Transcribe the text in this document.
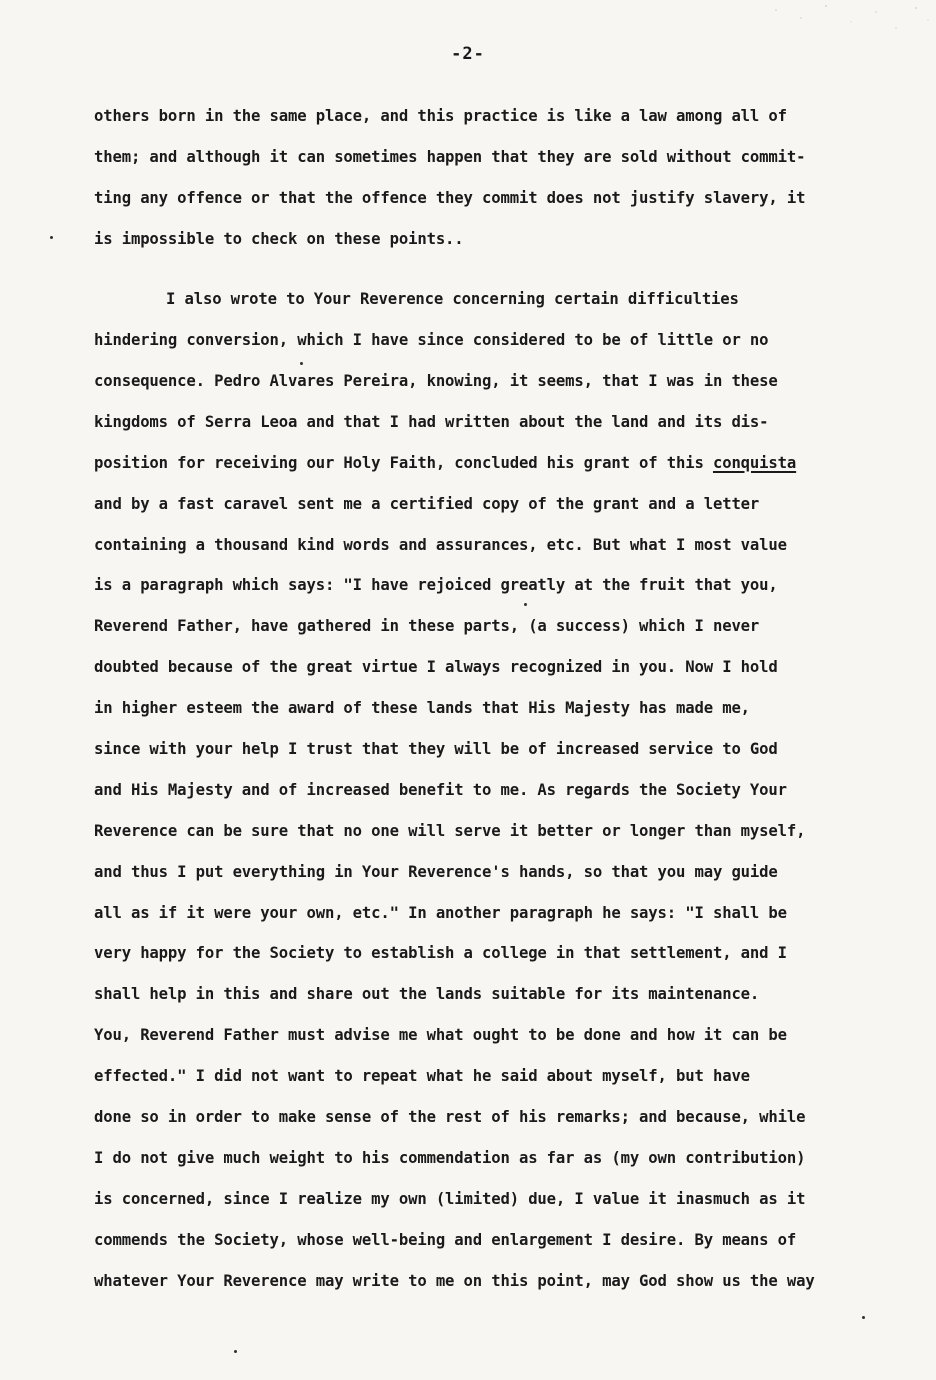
-2-
others born in the same place, and this practice is like a law among all of
them; and although it can sometimes happen that they are sold without commit-
ting any offence or that the offence they commit does not justify slavery, it
is impossible to check on these points..
I also wrote to Your Reverence concerning certain difficulties
hindering conversion, which I have since considered to be of little or no
consequence. Pedro Alvares Pereira, knowing, it seems, that I was in these
kingdoms of Serra Leoa and that I had written about the land and its dis-
position for receiving our Holy Faith, concluded his grant of this conquista
and by a fast caravel sent me a certified copy of the grant and a letter
containing a thousand kind words and assurances, etc. But what I most value
is a paragraph which says: "I have rejoiced greatly at the fruit that you,
Reverend Father, have gathered in these parts, (a success) which I never
doubted because of the great virtue I always recognized in you. Now I hold
in higher esteem the award of these lands that His Majesty has made me,
since with your help I trust that they will be of increased service to God
and His Majesty and of increased benefit to me. As regards the Society Your
Reverence can be sure that no one will serve it better or longer than myself,
and thus I put everything in Your Reverence's hands, so that you may guide
all as if it were your own, etc." In another paragraph he says: "I shall be
very happy for the Society to establish a college in that settlement, and I
shall help in this and share out the lands suitable for its maintenance.
You, Reverend Father must advise me what ought to be done and how it can be
effected." I did not want to repeat what he said about myself, but have
done so in order to make sense of the rest of his remarks; and because, while
I do not give much weight to his commendation as far as (my own contribution)
is concerned, since I realize my own (limited) due, I value it inasmuch as it
commends the Society, whose well-being and enlargement I desire. By means of
whatever Your Reverence may write to me on this point, may God show us the way
